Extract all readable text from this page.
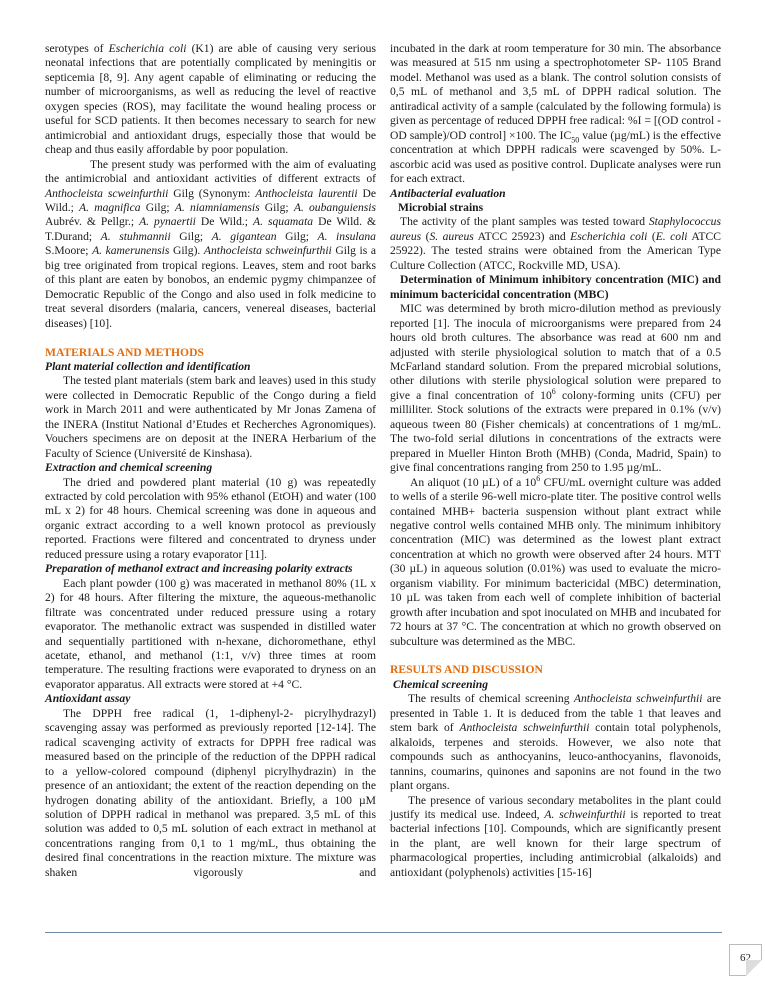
serotypes of Escherichia coli (K1) are able of causing very serious neonatal infections that are potentially complicated by meningitis or septicemia [8, 9]. Any agent capable of eliminating or reducing the number of microorganisms, as well as reducing the level of reactive oxygen species (ROS), may facilitate the wound healing process or useful for SCD patients. It then becomes necessary to search for new antimicrobial and antioxidant drugs, especially those that would be cheap and thus easily affordable by poor population.

The present study was performed with the aim of evaluating the antimicrobial and antioxidant activities of different extracts of Anthocleista scweinfurthii Gilg (Synonym: Anthocleista laurentii De Wild.; A. magnifica Gilg; A. niamniamensis Gilg; A. oubanguiensis Aubrév. & Pellgr.; A. pynaertii De Wild.; A. squamata De Wild. & T.Durand; A. stuhmannii Gilg; A. gigantean Gilg; A. insulana S.Moore; A. kamerunensis Gilg). Anthocleista schweinfurthii Gilg is a big tree originated from tropical regions. Leaves, stem and root barks of this plant are eaten by bonobos, an endemic pygmy chimpanzee of Democratic Republic of the Congo and also used in folk medicine to treat several disorders (malaria, cancers, venereal diseases, bacterial diseases) [10].

MATERIALS AND METHODS
Plant material collection and identification

The tested plant materials (stem bark and leaves) used in this study were collected in Democratic Republic of the Congo during a field work in March 2011 and were authenticated by Mr Jonas Zamena of the INERA (Institut National d’Etudes et Recherches Agronomiques). Vouchers specimens are on deposit at the INERA Herbarium of the Faculty of Science (Université de Kinshasa).

Extraction and chemical screening

The dried and powdered plant material (10 g) was repeatedly extracted by cold percolation with 95% ethanol (EtOH) and water (100 mL x 2) for 48 hours. Chemical screening was done in aqueous and organic extract according to a well known protocol as previously reported. Fractions were filtered and concentrated to dryness under reduced pressure using a rotary evaporator [11].

Preparation of methanol extract and increasing polarity extracts

Each plant powder (100 g) was macerated in methanol 80% (1L x 2) for 48 hours. After filtering the mixture, the aqueous-methanolic filtrate was concentrated under reduced pressure using a rotary evaporator. The methanolic extract was suspended in distilled water and sequentially partitioned with n-hexane, dichoromethane, ethyl acetate, ethanol, and methanol (1:1, v/v) three times at room temperature. The resulting fractions were evaporated to dryness on an evaporator apparatus. All extracts were stored at +4 °C.

Antioxidant assay

The DPPH free radical (1, 1-diphenyl-2- picrylhydrazyl) scavenging assay was performed as previously reported [12-14]. The radical scavenging activity of extracts for DPPH free radical was measured based on the principle of the reduction of the DPPH radical to a yellow-colored compound (diphenyl picrylhydrazin) in the presence of an antioxidant; the extent of the reaction depending on the hydrogen donating ability of the antioxidant. Briefly, a 100 µM solution of DPPH radical in methanol was prepared. 3,5 mL of this solution was added to 0,5 mL solution of each extract in methanol at concentrations ranging from 0,1 to 1 mg/mL, thus obtaining the desired final concentrations in the reaction mixture. The mixture was shaken vigorously and

incubated in the dark at room temperature for 30 min. The absorbance was measured at 515 nm using a spectrophotometer SP- 1105 Brand model. Methanol was used as a blank. The control solution consists of 0,5 mL of methanol and 3,5 mL of DPPH radical solution. The antiradical activity of a sample (calculated by the following formula) is given as percentage of reduced DPPH free radical: %I = [(OD control - OD sample)/OD control] ×100. The $IC_{50}$ value (µg/mL) is the effective concentration at which DPPH radicals were scavenged by 50%. L-ascorbic acid was used as positive control. Duplicate analyses were run for each extract.

Antibacterial evaluation
Microbial strains

The activity of the plant samples was tested toward Staphylococcus aureus (S. aureus ATCC 25923) and Escherichia coli (E. coli ATCC 25922). The tested strains were obtained from the American Type Culture Collection (ATCC, Rockville MD, USA).

Determination of Minimum inhibitory concentration (MIC) and minimum bactericidal concentration (MBC)

MIC was determined by broth micro-dilution method as previously reported [1]. The inocula of microorganisms were prepared from 24 hours old broth cultures. The absorbance was read at 600 nm and adjusted with sterile physiological solution to match that of a 0.5 McFarland standard solution. From the prepared microbial solutions, other dilutions with sterile physiological solution were prepared to give a final concentration of $10^6$ colony-forming units (CFU) per milliliter. Stock solutions of the extracts were prepared in 0.1% (v/v) aqueous tween 80 (Fisher chemicals) at concentrations of 1 mg/mL. The two-fold serial dilutions in concentrations of the extracts were prepared in Mueller Hinton Broth (MHB) (Conda, Madrid, Spain) to give final concentrations ranging from 250 to 1.95 µg/mL.

An aliquot (10 µL) of a $10^6$ CFU/mL overnight culture was added to wells of a sterile 96-well micro-plate titer. The positive control wells contained MHB+ bacteria suspension without plant extract while negative control wells contained MHB only. The minimum inhibitory concentration (MIC) was determined as the lowest plant extract concentration at which no growth were observed after 24 hours. MTT (30 µL) in aqueous solution (0.01%) was used to evaluate the micro-organism viability. For minimum bactericidal (MBC) determination, 10 µL was taken from each well of complete inhibition of bacterial growth after incubation and spot inoculated on MHB and incubated for 72 hours at 37 °C. The concentration at which no growth observed on subculture was determined as the MBC.

RESULTS AND DISCUSSION
Chemical screening

The results of chemical screening Anthocleista schweinfurthii are presented in Table 1. It is deduced from the table 1 that leaves and stem bark of Anthocleista schweinfurthii contain total polyphenols, alkaloids, terpenes and steroids. However, we also note that compounds such as anthocyanins, leuco-anthocyanins, flavonoids, tannins, coumarins, quinones and saponins are not found in the two plant organs.

The presence of various secondary metabolites in the plant could justify its medical use. Indeed, A. schweinfurthii is reported to treat bacterial infections [10]. Compounds, which are significantly present in the plant, are well known for their large spectrum of pharmacological properties, including antimicrobial (alkaloids) and antioxidant (polyphenols) activities [15-16]

62
